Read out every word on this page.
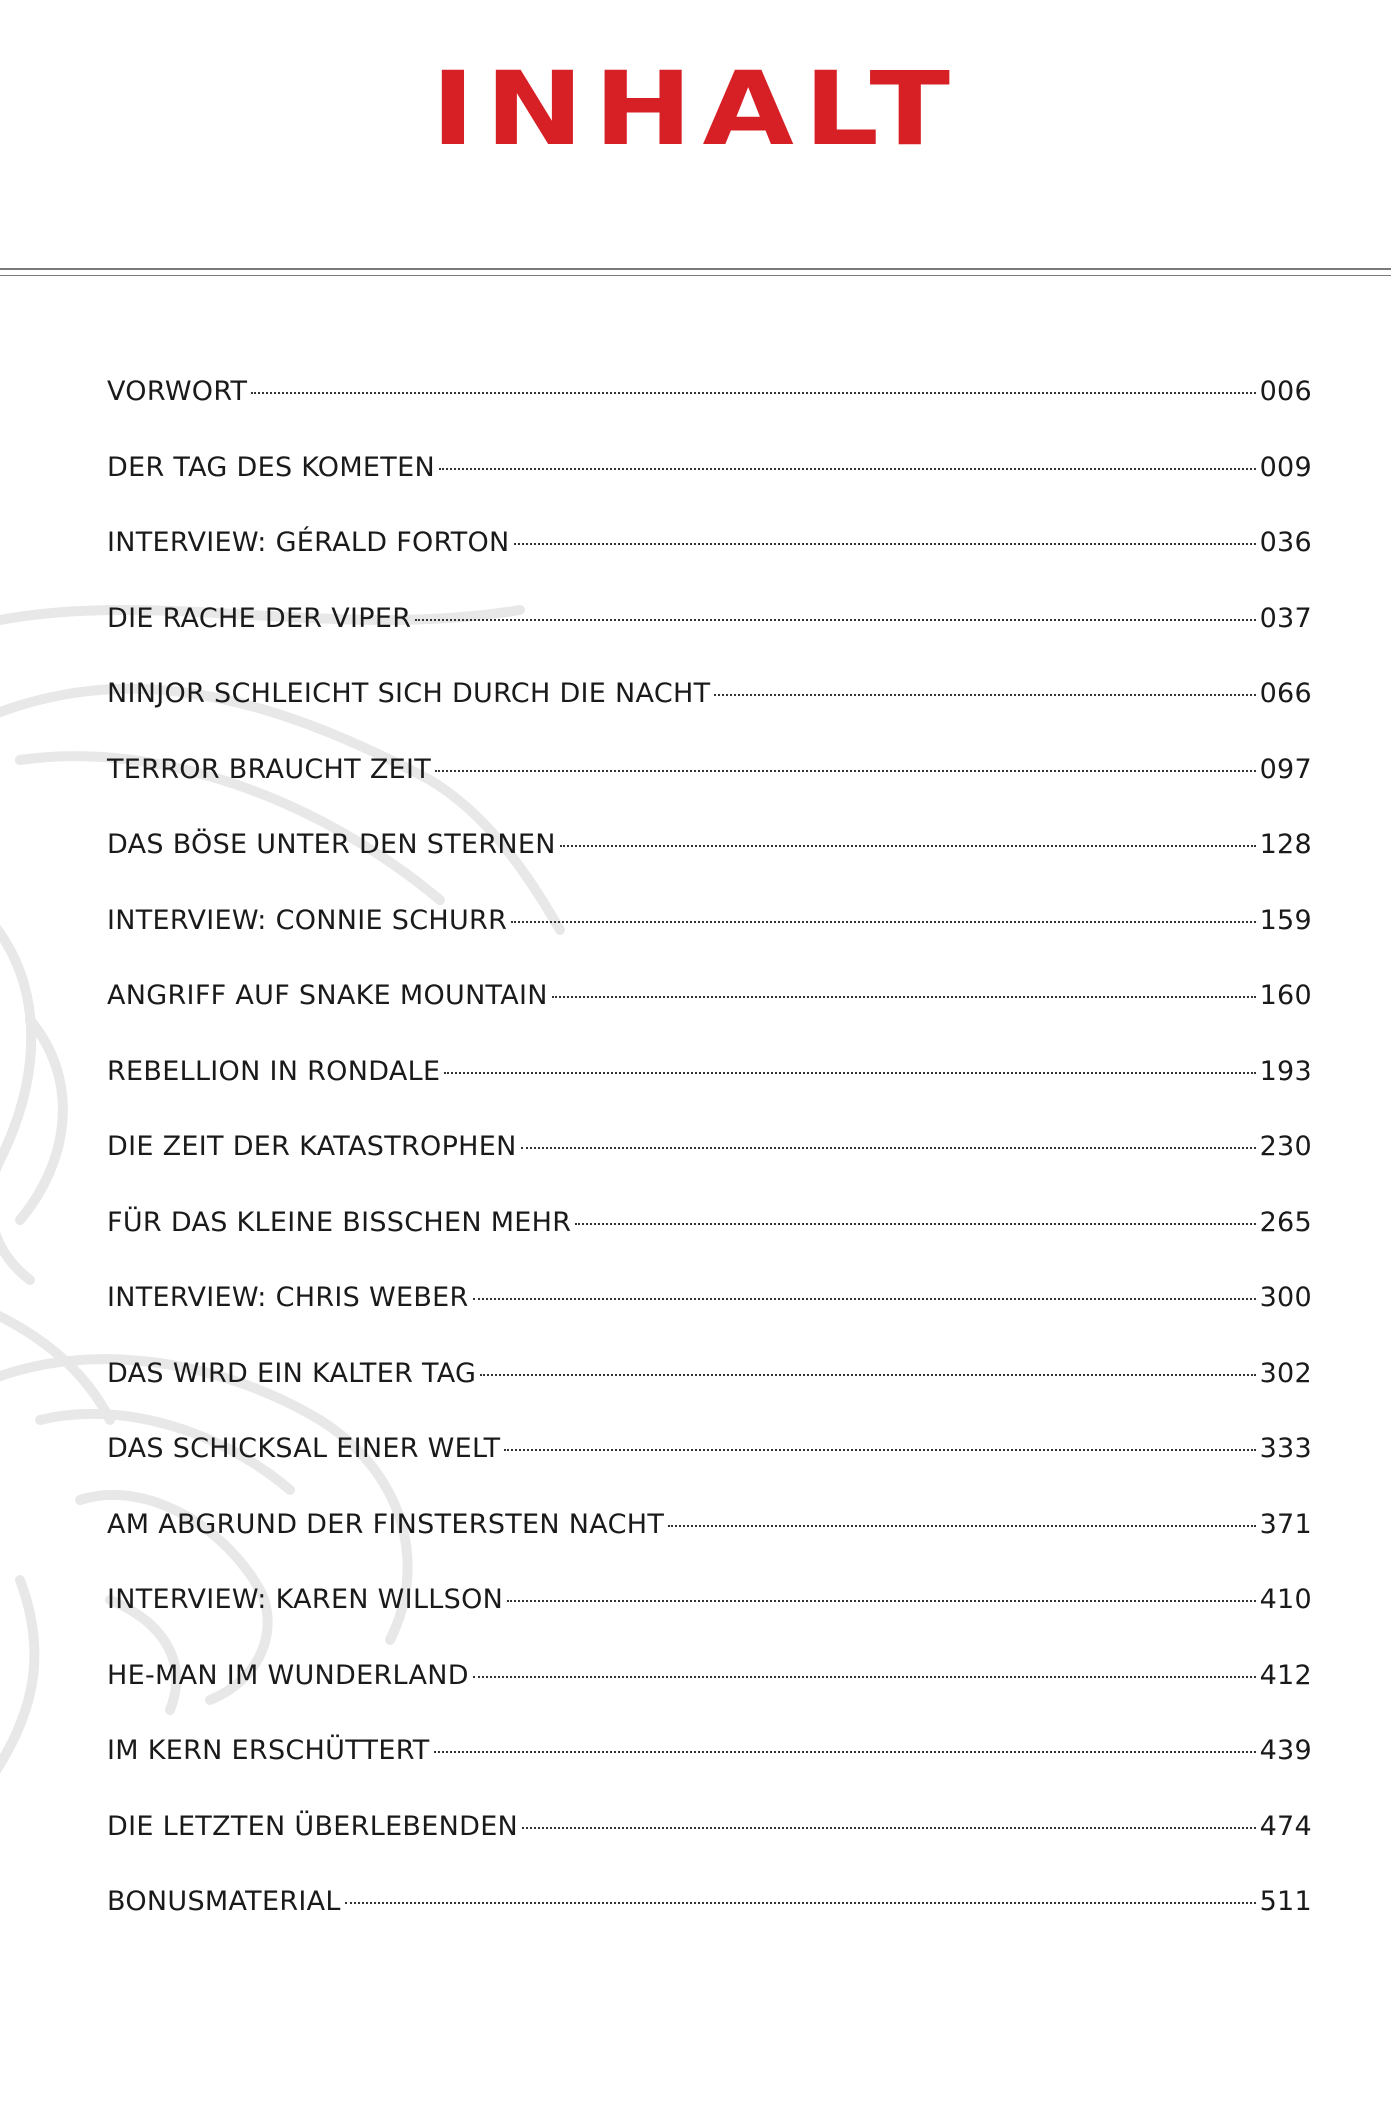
INHALT
VORWORT	006
DER TAG DES KOMETEN	009
INTERVIEW: GÉRALD FORTON	036
DIE RACHE DER VIPER	037
NINJOR SCHLEICHT SICH DURCH DIE NACHT	066
TERROR BRAUCHT ZEIT	097
DAS BÖSE UNTER DEN STERNEN	128
INTERVIEW: CONNIE SCHURR	159
ANGRIFF AUF SNAKE MOUNTAIN	160
REBELLION IN RONDALE	193
DIE ZEIT DER KATASTROPHEN	230
FÜR DAS KLEINE BISSCHEN MEHR	265
INTERVIEW: CHRIS WEBER	300
DAS WIRD EIN KALTER TAG	302
DAS SCHICKSAL EINER WELT	333
AM ABGRUND DER FINSTERSTEN NACHT	371
INTERVIEW: KAREN WILLSON	410
HE-MAN IM WUNDERLAND	412
IM KERN ERSCHÜTTERT	439
DIE LETZTEN ÜBERLEBENDEN	474
BONUSMATERIAL	511
